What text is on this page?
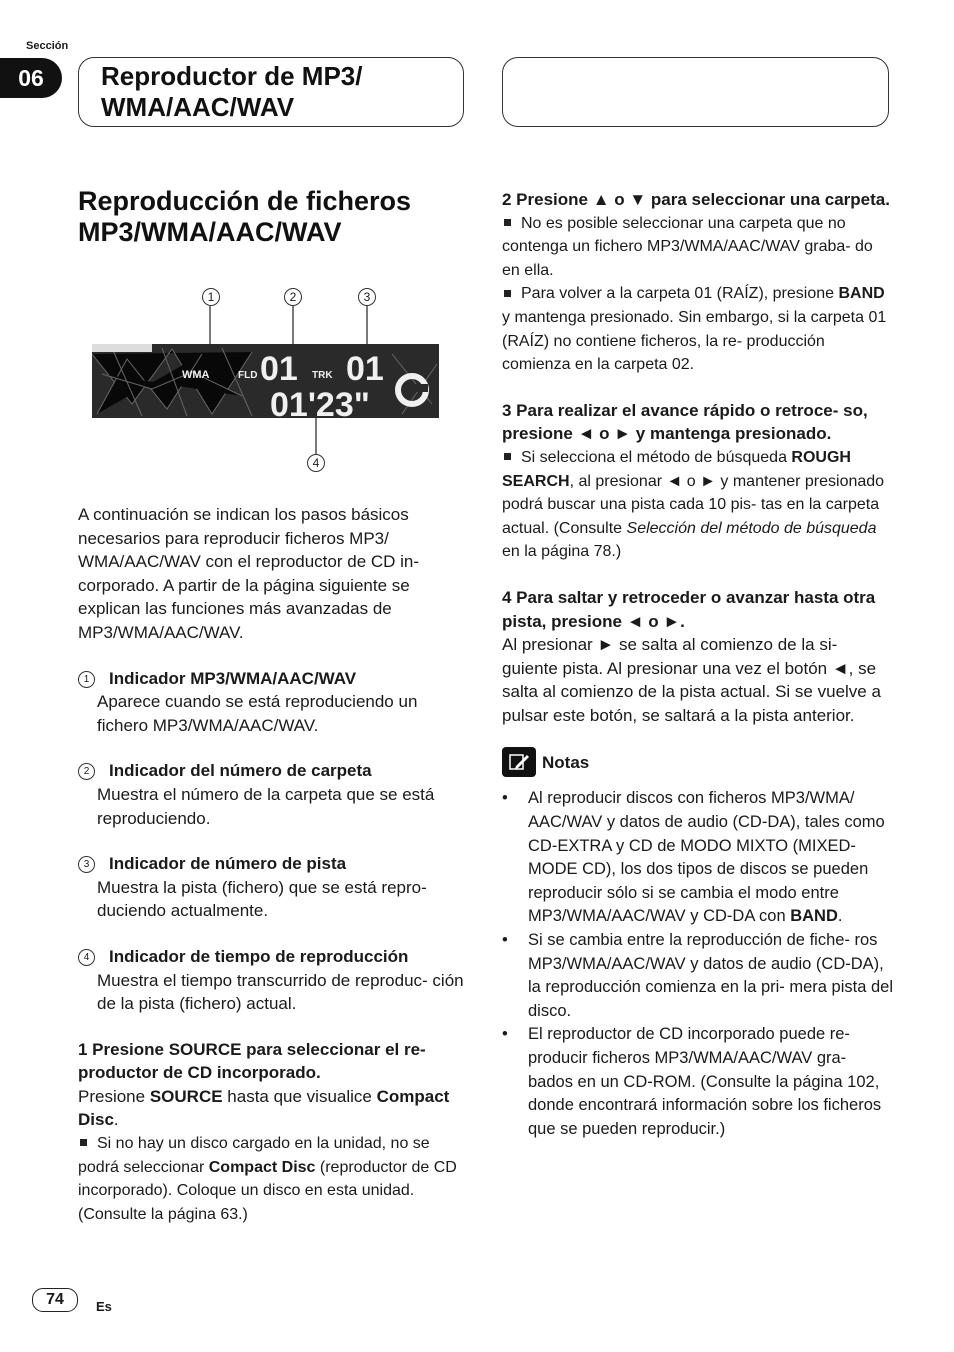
Sección
06	Reproductor de MP3/
WMA/AAC/WAV
Reproducción de ficheros
MP3/WMA/AAC/WAV
1	2	3
4
WMA	FLD 01 TRK 01
01'23"

A continuación se indican los pasos básicos necesarios para reproducir ficheros MP3/ WMA/AAC/WAV con el reproductor de CD in- corporado. A partir de la página siguiente se explican las funciones más avanzadas de MP3/WMA/AAC/WAV.

1 Indicador MP3/WMA/AAC/WAV

Aparece cuando se está reproduciendo un fichero MP3/WMA/AAC/WAV.

2 Indicador del número de carpeta

Muestra el número de la carpeta que se está reproduciendo.

3 Indicador de número de pista

Muestra la pista (fichero) que se está repro- duciendo actualmente.

4 Indicador de tiempo de reproducción

Muestra el tiempo transcurrido de reproduc- ción de la pista (fichero) actual.

1 Presione SOURCE para seleccionar el re- productor de CD incorporado.

Presione SOURCE hasta que visualice Compact Disc.

Si no hay un disco cargado en la unidad, no se podrá seleccionar Compact Disc (reproductor de CD incorporado). Coloque un disco en esta unidad. (Consulte la página 63.)

2 Presione ▲ o ▼ para seleccionar una carpeta.

No es posible seleccionar una carpeta que no contenga un fichero MP3/WMA/AAC/WAV graba- do en ella.

Para volver a la carpeta 01 (RAÍZ), presione BAND y mantenga presionado. Sin embargo, si la carpeta 01 (RAÍZ) no contiene ficheros, la re- producción comienza en la carpeta 02.

3 Para realizar el avance rápido o retroce- so, presione ◄ o ► y mantenga presionado.

Si selecciona el método de búsqueda ROUGH SEARCH, al presionar ◄ o ► y mantener presionado podrá buscar una pista cada 10 pis- tas en la carpeta actual. (Consulte Selección del método de búsqueda en la página 78.)

4 Para saltar y retroceder o avanzar hasta otra pista, presione ◄ o ►.

Al presionar ► se salta al comienzo de la si- guiente pista. Al presionar una vez el botón ◄, se salta al comienzo de la pista actual. Si se vuelve a pulsar este botón, se saltará a la pista anterior.

Notas
•	Al reproducir discos con ficheros MP3/WMA/ AAC/WAV y datos de audio (CD-DA), tales como CD-EXTRA y CD de MODO MIXTO (MIXED-MODE CD), los dos tipos de discos se pueden reproducir sólo si se cambia el modo entre MP3/WMA/AAC/WAV y CD-DA con BAND.
•	Si se cambia entre la reproducción de fiche- ros MP3/WMA/AAC/WAV y datos de audio (CD-DA), la reproducción comienza en la pri- mera pista del disco.
•	El reproductor de CD incorporado puede re- producir ficheros MP3/WMA/AAC/WAV gra- bados en un CD-ROM. (Consulte la página 102, donde encontrará información sobre los ficheros que se pueden reproducir.)
74	Es
